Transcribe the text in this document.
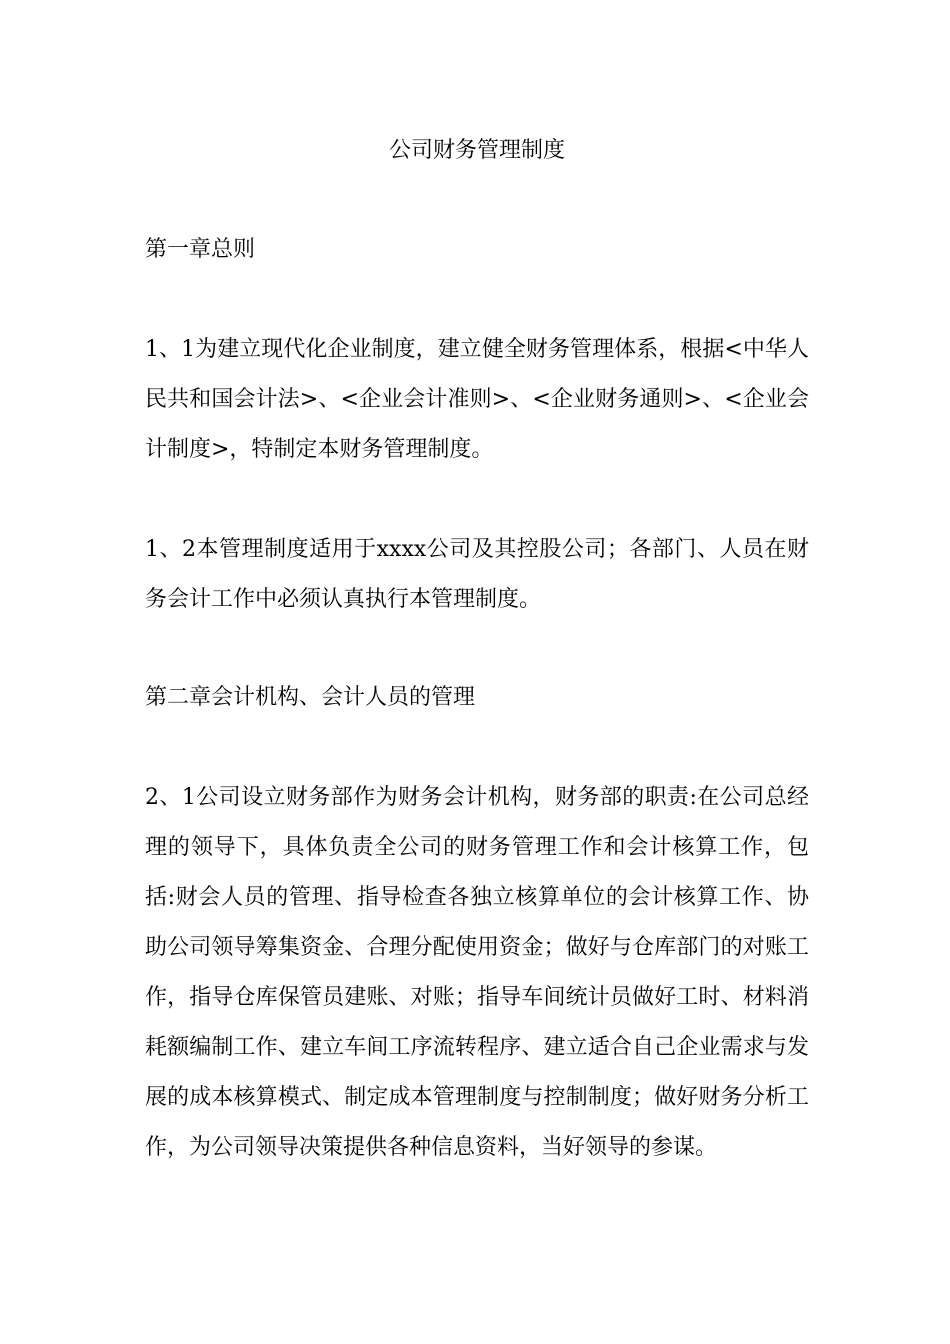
公司财务管理制度

第一章总则

1、1为建立现代化企业制度，建立健全财务管理体系，根据<中华人民共和国会计法>、<企业会计准则>、<企业财务通则>、<企业会计制度>，特制定本财务管理制度。

1、2本管理制度适用于xxxx公司及其控股公司；各部门、人员在财务会计工作中必须认真执行本管理制度。

第二章会计机构、会计人员的管理

2、1公司设立财务部作为财务会计机构，财务部的职责:在公司总经理的领导下，具体负责全公司的财务管理工作和会计核算工作，包括:财会人员的管理、指导检查各独立核算单位的会计核算工作、协助公司领导筹集资金、合理分配使用资金；做好与仓库部门的对账工作，指导仓库保管员建账、对账；指导车间统计员做好工时、材料消耗额编制工作、建立车间工序流转程序、建立适合自己企业需求与发展的成本核算模式、制定成本管理制度与控制制度；做好财务分析工作，为公司领导决策提供各种信息资料，当好领导的参谋。
